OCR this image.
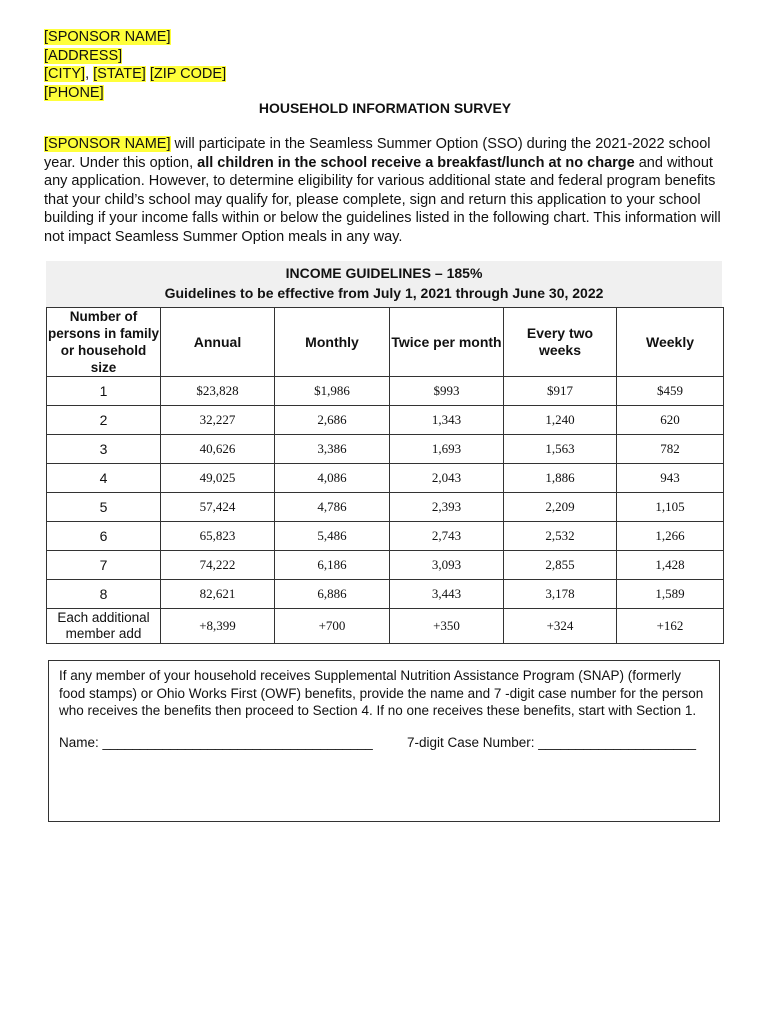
[SPONSOR NAME]
[ADDRESS]
[CITY], [STATE] [ZIP CODE]
[PHONE]
HOUSEHOLD INFORMATION SURVEY
[SPONSOR NAME] will participate in the Seamless Summer Option (SSO) during the 2021-2022 school year. Under this option, all children in the school receive a breakfast/lunch at no charge and without any application. However, to determine eligibility for various additional state and federal program benefits that your child’s school may qualify for, please complete, sign and return this application to your school building if your income falls within or below the guidelines listed in the following chart. This information will not impact Seamless Summer Option meals in any way.
INCOME GUIDELINES – 185%
Guidelines to be effective from July 1, 2021 through June 30, 2022
Number of persons in family or household size	Annual	Monthly	Twice per month	Every two weeks	Weekly
1	$23,828	$1,986	$993	$917	$459
2	32,227	2,686	1,343	1,240	620
3	40,626	3,386	1,693	1,563	782
4	49,025	4,086	2,043	1,886	943
5	57,424	4,786	2,393	2,209	1,105
6	65,823	5,486	2,743	2,532	1,266
7	74,222	6,186	3,093	2,855	1,428
8	82,621	6,886	3,443	3,178	1,589
Each additional member add	+8,399	+700	+350	+324	+162
If any member of your household receives Supplemental Nutrition Assistance Program (SNAP) (formerly food stamps) or Ohio Works First (OWF) benefits, provide the name and 7 -digit case number for the person who receives the benefits then proceed to Section 4. If no one receives these benefits, start with Section 1.
Name: ____________________________________	7-digit Case Number: _____________________
